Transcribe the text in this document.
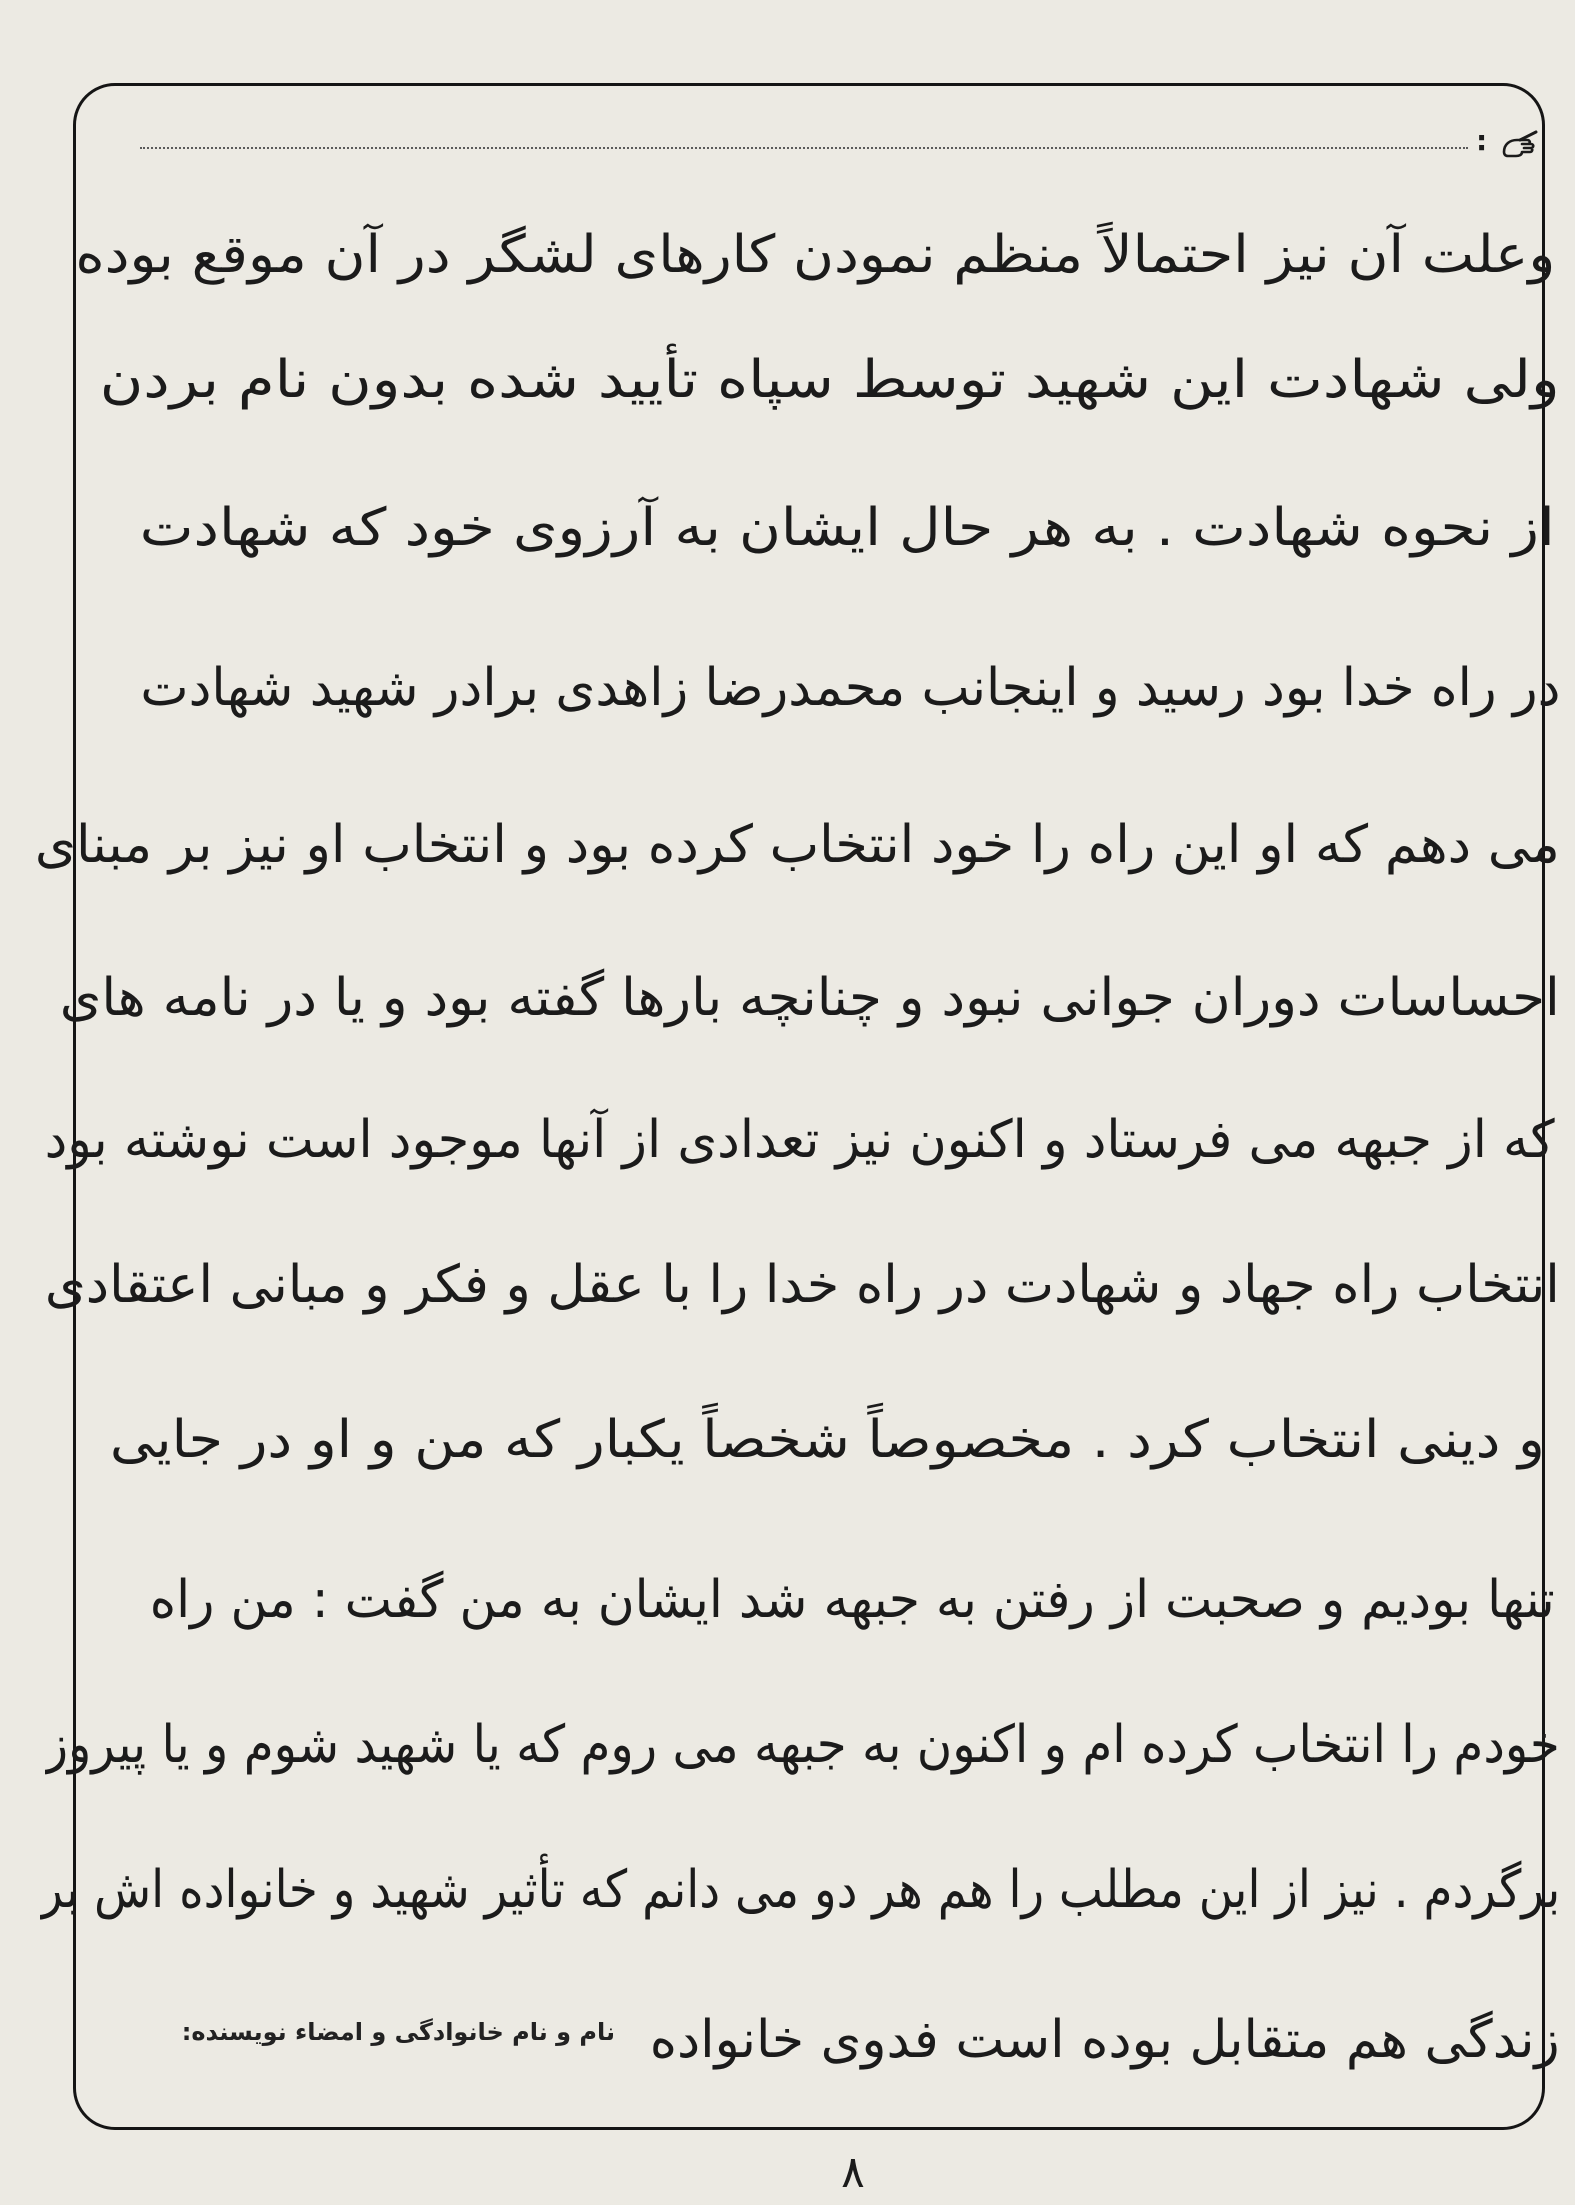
:
وعلت آن نیز احتمالاً منظم نمودن کارهای لشگر در آن موقع بوده
ولی شهادت این شهید توسط سپاه تأیید شده بدون نام بردن
از نحوه شهادت . به هر حال ایشان به آرزوی خود که شهادت
در راه خدا بود رسید و اینجانب محمدرضا زاهدی برادر شهید شهادت
می دهم که او این راه را خود انتخاب کرده بود و انتخاب او نیز بر مبنای
احساسات دوران جوانی نبود و چنانچه بارها گفته بود و یا در نامه های
که از جبهه می فرستاد و اکنون نیز تعدادی از آنها موجود است نوشته بود
انتخاب راه جهاد و شهادت در راه خدا را با عقل و فکر و مبانی اعتقادی
و دینی انتخاب کرد . مخصوصاً شخصاً یکبار که من و او در جایی
تنها بودیم و صحبت از رفتن به جبهه شد ایشان به من گفت : من راه
خودم را انتخاب کرده ام و اکنون به جبهه می روم که یا شهید شوم و یا پیروز
برگردم . نیز از این مطلب را هم هر دو می دانم که تأثیر شهید و خانواده اش بر
زندگی هم متقابل بوده است فدوی خانواده
نام و نام خانوادگی و امضاء نویسنده:
۸
